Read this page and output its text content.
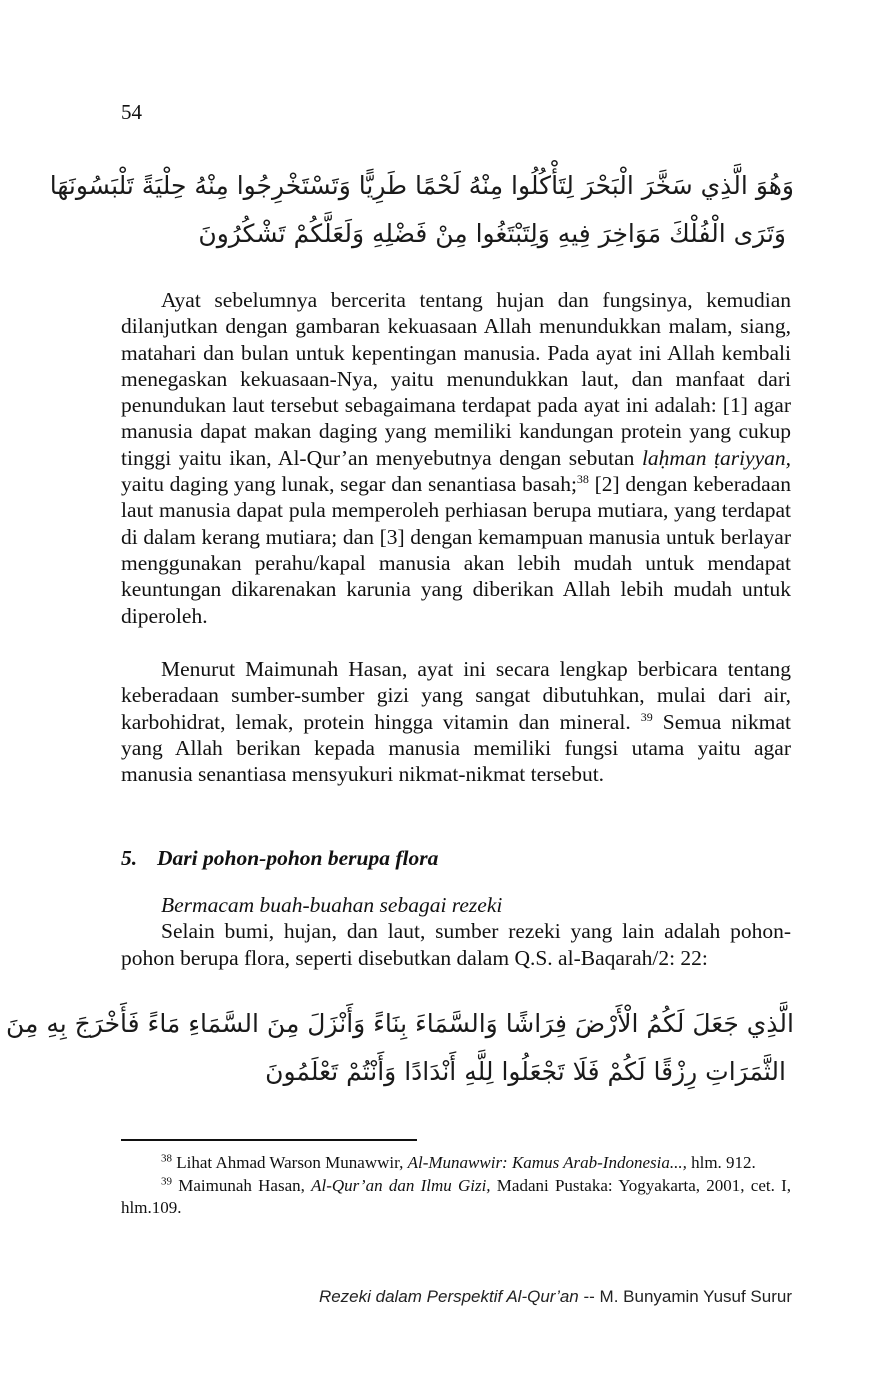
54
وَهُوَ الَّذِي سَخَّرَ الْبَحْرَ لِتَأْكُلُوا مِنْهُ لَحْمًا طَرِيًّا وَتَسْتَخْرِجُوا مِنْهُ حِلْيَةً تَلْبَسُونَهَا
وَتَرَى الْفُلْكَ مَوَاخِرَ فِيهِ وَلِتَبْتَغُوا مِنْ فَضْلِهِ وَلَعَلَّكُمْ تَشْكُرُونَ

Ayat sebelumnya bercerita tentang hujan dan fungsinya, kemudian dilanjutkan dengan gambaran kekuasaan Allah menundukkan malam, siang, matahari dan bulan untuk kepentingan manusia. Pada ayat ini Allah kembali menegaskan kekuasaan-Nya, yaitu menundukkan laut, dan manfaat dari penundukan laut tersebut sebagaimana terdapat pada ayat ini adalah: [1] agar manusia dapat makan daging yang memiliki kandungan protein yang cukup tinggi yaitu ikan, Al-Qur’an menyebutnya dengan sebutan laḥman ṭariyyan, yaitu daging yang lunak, segar dan senantiasa basah;$^{38}$ [2] dengan keberadaan laut manusia dapat pula memperoleh perhiasan berupa mutiara, yang terdapat di dalam kerang mutiara; dan [3] dengan kemampuan manusia untuk berlayar menggunakan perahu/kapal manusia akan lebih mudah untuk mendapat keuntungan dikarenakan karunia yang diberikan Allah lebih mudah untuk diperoleh.

Menurut Maimunah Hasan, ayat ini secara lengkap berbicara tentang keberadaan sumber-sumber gizi yang sangat dibutuhkan, mulai dari air, karbohidrat, lemak, protein hingga vitamin dan mineral. $^{39}$ Semua nikmat yang Allah berikan kepada manusia memiliki fungsi utama yaitu agar manusia senantiasa mensyukuri nikmat-nikmat tersebut.

5. Dari pohon-pohon berupa flora

Bermacam buah-buahan sebagai rezeki

Selain bumi, hujan, dan laut, sumber rezeki yang lain adalah pohon-pohon berupa flora, seperti disebutkan dalam Q.S. al-Baqarah/2: 22:

الَّذِي جَعَلَ لَكُمُ الْأَرْضَ فِرَاشًا وَالسَّمَاءَ بِنَاءً وَأَنْزَلَ مِنَ السَّمَاءِ مَاءً فَأَخْرَجَ بِهِ مِنَ
الثَّمَرَاتِ رِزْقًا لَكُمْ فَلَا تَجْعَلُوا لِلَّهِ أَنْدَادًا وَأَنْتُمْ تَعْلَمُونَ

$^{38}$ Lihat Ahmad Warson Munawwir, Al-Munawwir: Kamus Arab-Indonesia..., hlm. 912.

$^{39}$ Maimunah Hasan, Al-Qur’an dan Ilmu Gizi, Madani Pustaka: Yogyakarta, 2001, cet. I, hlm.109.

Rezeki dalam Perspektif Al-Qur’an -- M. Bunyamin Yusuf Surur
